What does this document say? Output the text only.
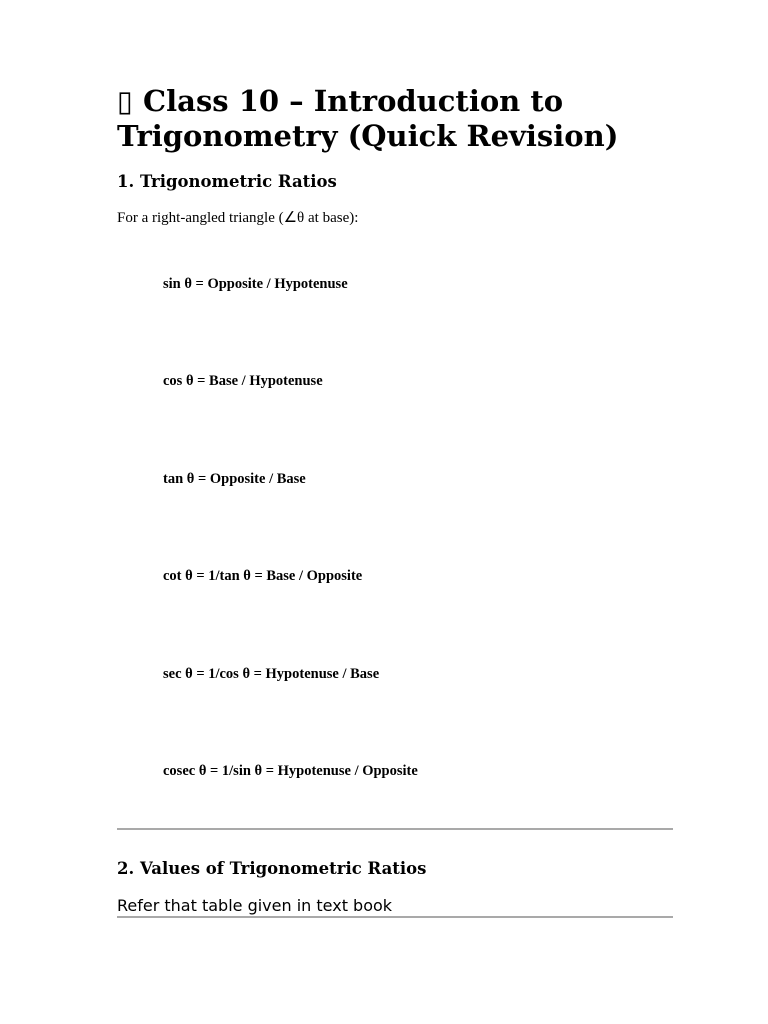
▯ Class 10 – Introduction to Trigonometry (Quick Revision)
1. Trigonometric Ratios

For a right-angled triangle (∠θ at base):

sin θ = Opposite / Hypotenuse

cos θ = Base / Hypotenuse

tan θ = Opposite / Base

cot θ = 1/tan θ = Base / Opposite

sec θ = 1/cos θ = Hypotenuse / Base

cosec θ = 1/sin θ = Hypotenuse / Opposite

2. Values of Trigonometric Ratios

Refer that table given in text book
